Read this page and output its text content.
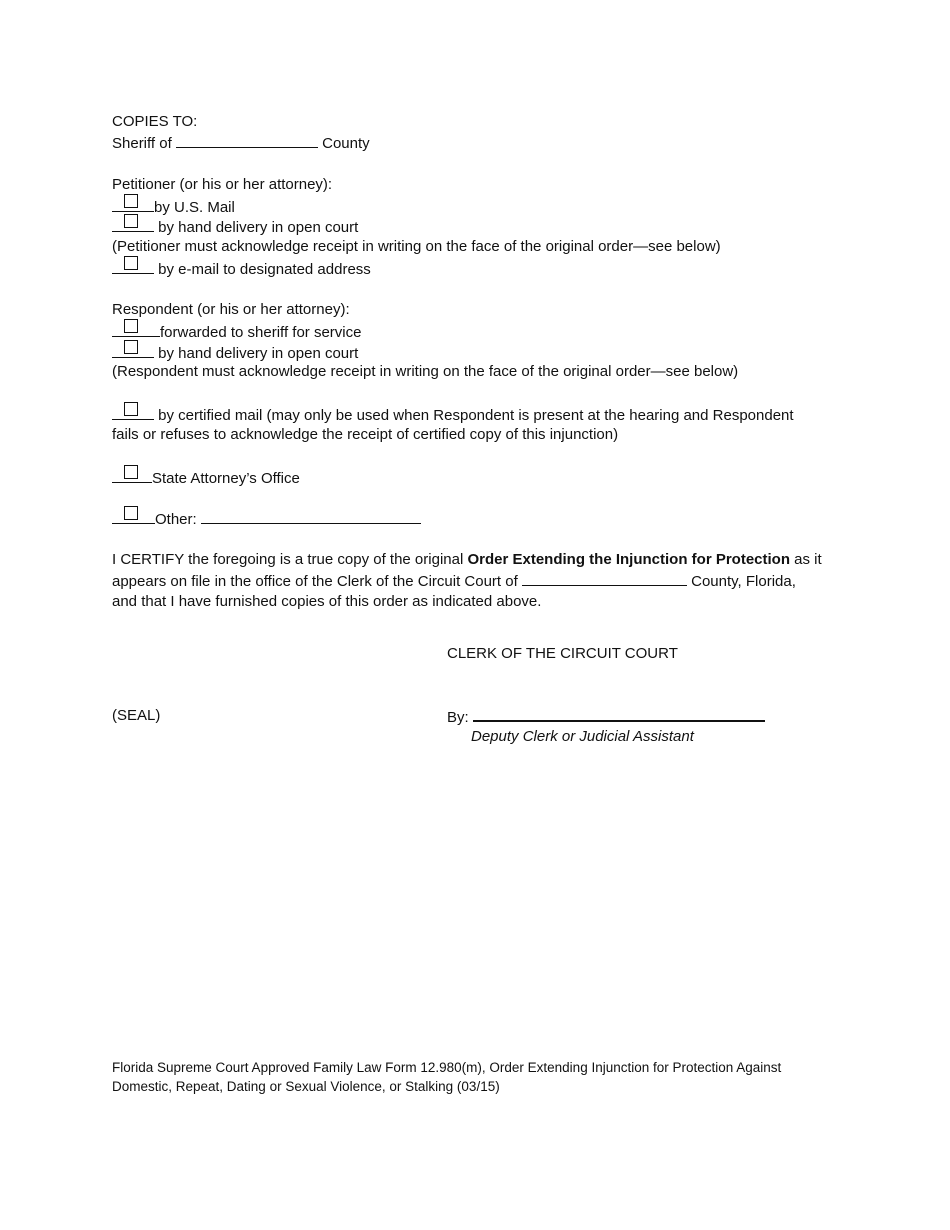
COPIES TO:
Sheriff of	County
Petitioner (or his or her attorney):
by U.S. Mail
by hand delivery in open court
(Petitioner must acknowledge receipt in writing on the face of the original order—see below)
by e-mail to designated address
Respondent (or his or her attorney):
forwarded to sheriff for service
by hand delivery in open court
(Respondent must acknowledge receipt in writing on the face of the original order—see below)
by certified mail (may only be used when Respondent is present at the hearing and Respondent
fails or refuses to acknowledge the receipt of certified copy of this injunction)
State Attorney’s Office
Other:
I CERTIFY the foregoing is a true copy of the original Order Extending the Injunction for Protection as it
appears on file in the office of the Clerk of the Circuit Court of	County, Florida,
and that I have furnished copies of this order as indicated above.
CLERK OF THE CIRCUIT COURT
(SEAL)	By:
Deputy Clerk or Judicial Assistant
Florida Supreme Court Approved Family Law Form 12.980(m), Order Extending Injunction for Protection Against
Domestic, Repeat, Dating or Sexual Violence, or Stalking (03/15)
